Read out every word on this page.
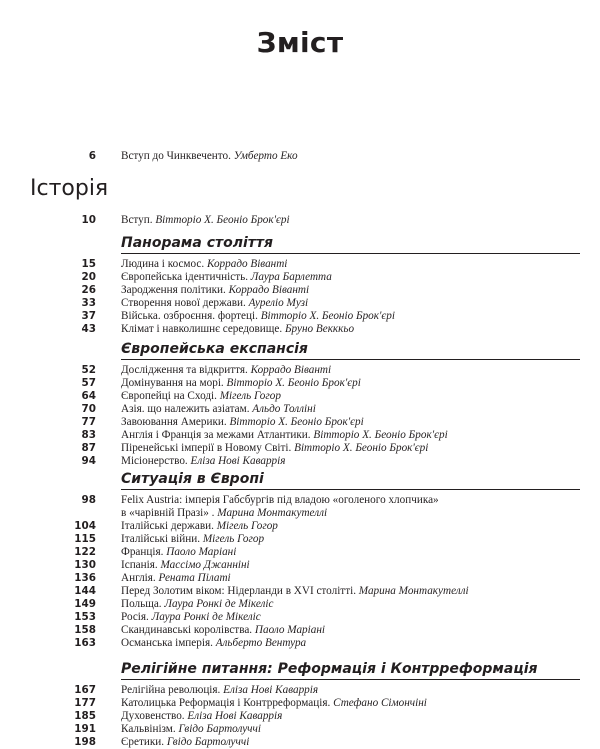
Зміст
6 Вступ до Чинквеченто. Умберто Еко
Історія
10 Вступ. Вітторіо Х. Беоніо Брок'єрі
Панорама століття
15 Людина і космос. Коррадо Віванті
20 Європейська ідентичність. Лаура Барлетта
26 Зародження політики. Коррадо Віванті
33 Створення нової держави. Ауреліо Музі
37 Війська. озброєння. фортеці. Вітторіо Х. Беоніо Брок'єрі
43 Клімат і навколишнє середовище. Бруно Векккьо
Європейська експансія
52 Дослідження та відкриття. Коррадо Віванті
57 Домінування на морі. Вітторіо Х. Беоніо Брок'єрі
64 Європейці на Сході. Мігель Гогор
70 Азія. що належить азіатам. Альдо Толліні
77 Завоювання Америки. Вітторіо Х. Беоніо Брок'єрі
83 Англія і Франція за межами Атлантики. Вітторіо Х. Беоніо Брок'єрі
87 Піренейські імперії в Новому Світі. Вітторіо Х. Беоніо Брок'єрі
94 Місіонерство. Еліза Нові Каваррія
Ситуація в Європі
98 Felix Austria: імперія Габсбургів під владою «оголеного хлопчика»
в «чарівній Празі» . Марина Монтакутеллі
104 Італійські держави. Мігель Гогор
115 Італійські війни. Мігель Гогор
122 Франція. Паоло Маріані
130 Іспанія. Массімо Джанніні
136 Англія. Рената Пілаті
144 Перед Золотим віком: Нідерланди в XVI столітті. Марина Монтакутеллі
149 Польща. Лаура Ронкі де Мікеліс
153 Росія. Лаура Ронкі де Мікеліс
158 Скандинавські королівства. Паоло Маріані
163 Османська імперія. Альберто Вентура
Релігійне питання: Реформація і Контрреформація
167 Релігійна революція. Еліза Нові Каваррія
177 Католицька Реформація і Контрреформація. Стефано Сімончіні
185 Духовенство. Еліза Нові Каваррія
191 Кальвінізм. Гвідо Бартолуччі
198 Єретики. Гвідо Бартолуччі
